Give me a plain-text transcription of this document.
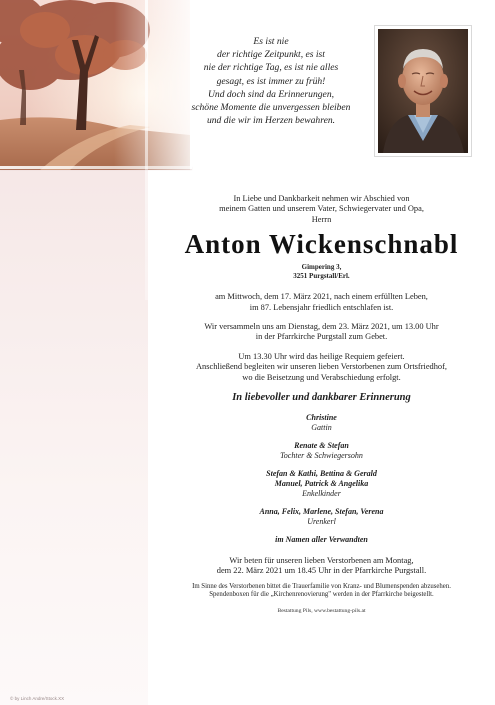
Es ist nie
der richtige Zeitpunkt, es ist
nie der richtige Tag, es ist nie alles
gesagt, es ist immer zu früh!
Und doch sind da Erinnerungen,
schöne Momente die unvergessen bleiben
und die wir im Herzen bewahren.
In Liebe und Dankbarkeit nehmen wir Abschied von
meinem Gatten und unserem Vater, Schwiegervater und Opa,
Herrn
Anton Wickenschnabl
Gimpering 3,
3251 Purgstall/Erl.
am Mittwoch, dem 17. März 2021, nach einem erfüllten Leben,
im 87. Lebensjahr friedlich entschlafen ist.
Wir versammeln uns am Dienstag, dem 23. März 2021, um 13.00 Uhr
in der Pfarrkirche Purgstall zum Gebet.
Um 13.30 Uhr wird das heilige Requiem gefeiert.
Anschließend begleiten wir unseren lieben Verstorbenen zum Ortsfriedhof,
wo die Beisetzung und Verabschiedung erfolgt.
In liebevoller und dankbarer Erinnerung
Christine
Gattin
Renate & Stefan
Tochter & Schwiegersohn
Stefan & Kathi, Bettina & Gerald
Manuel, Patrick & Angelika
Enkelkinder
Anna, Felix, Marlene, Stefan, Verena
Urenkerl
im Namen aller Verwandten
Wir beten für unseren lieben Verstorbenen am Montag,
dem 22. März 2021 um 18.45 Uhr in der Pfarrkirche Purgstall.
Im Sinne des Verstorbenen bittet die Trauerfamilie von Kranz- und Blumenspenden abzusehen.
Spendenboxen für die „Kirchenrenovierung" werden in der Pfarrkirche beigestellt.
Bestattung Pils, www.bestattung-pils.at
© by Linch Andre/Stock.XX
